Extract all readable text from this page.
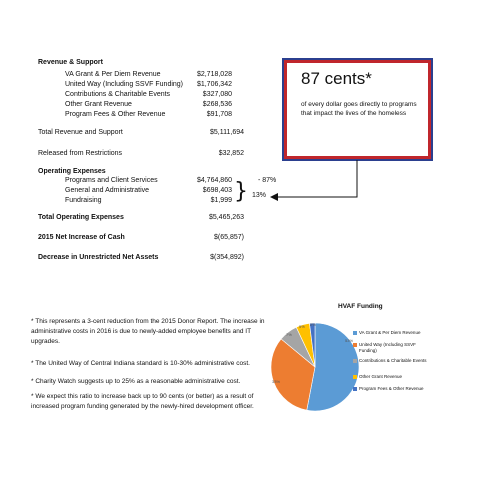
Revenue & Support
VA Grant & Per Diem Revenue	$2,718,028
United Way (Including SSVF Funding)	$1,706,342
Contributions & Charitable Events	$327,080
Other Grant Revenue	$268,536
Program Fees & Other Revenue	$91,708
Total Revenue and Support	$5,111,694
Released from Restrictions	$32,852
Operating Expenses
Programs and Client Services	$4,764,860	- 87%
General and Administrative	$698,403
Fundraising	$1,999 } 13%
Total Operating Expenses	$5,465,263
2015 Net Increase of Cash	$(65,857)
Decrease in Unrestricted Net Assets	$(354,892)
87 cents*
of every dollar goes directly to programs that impact the lives of the homeless
* This represents a 3-cent reduction from the 2015 Donor Report. The increase in administrative costs in 2016 is due to newly-added employee benefits and IT upgrades.
* The United Way of Central Indiana standard is 10-30% administrative cost.
* Charity Watch suggests up to 25% as a reasonable administrative cost.
* We expect this ratio to increase back up to 90 cents (or better) as a result of increased program funding generated by the newly-hired development officer.
HVAF Funding
53%
33%
7%
5% 2%
VA Grant & Per Diem Revenue
United Way (Including SSVF Funding)
Contributions & Charitable Events
Other Grant Revenue
Program Fees & Other Revenue
